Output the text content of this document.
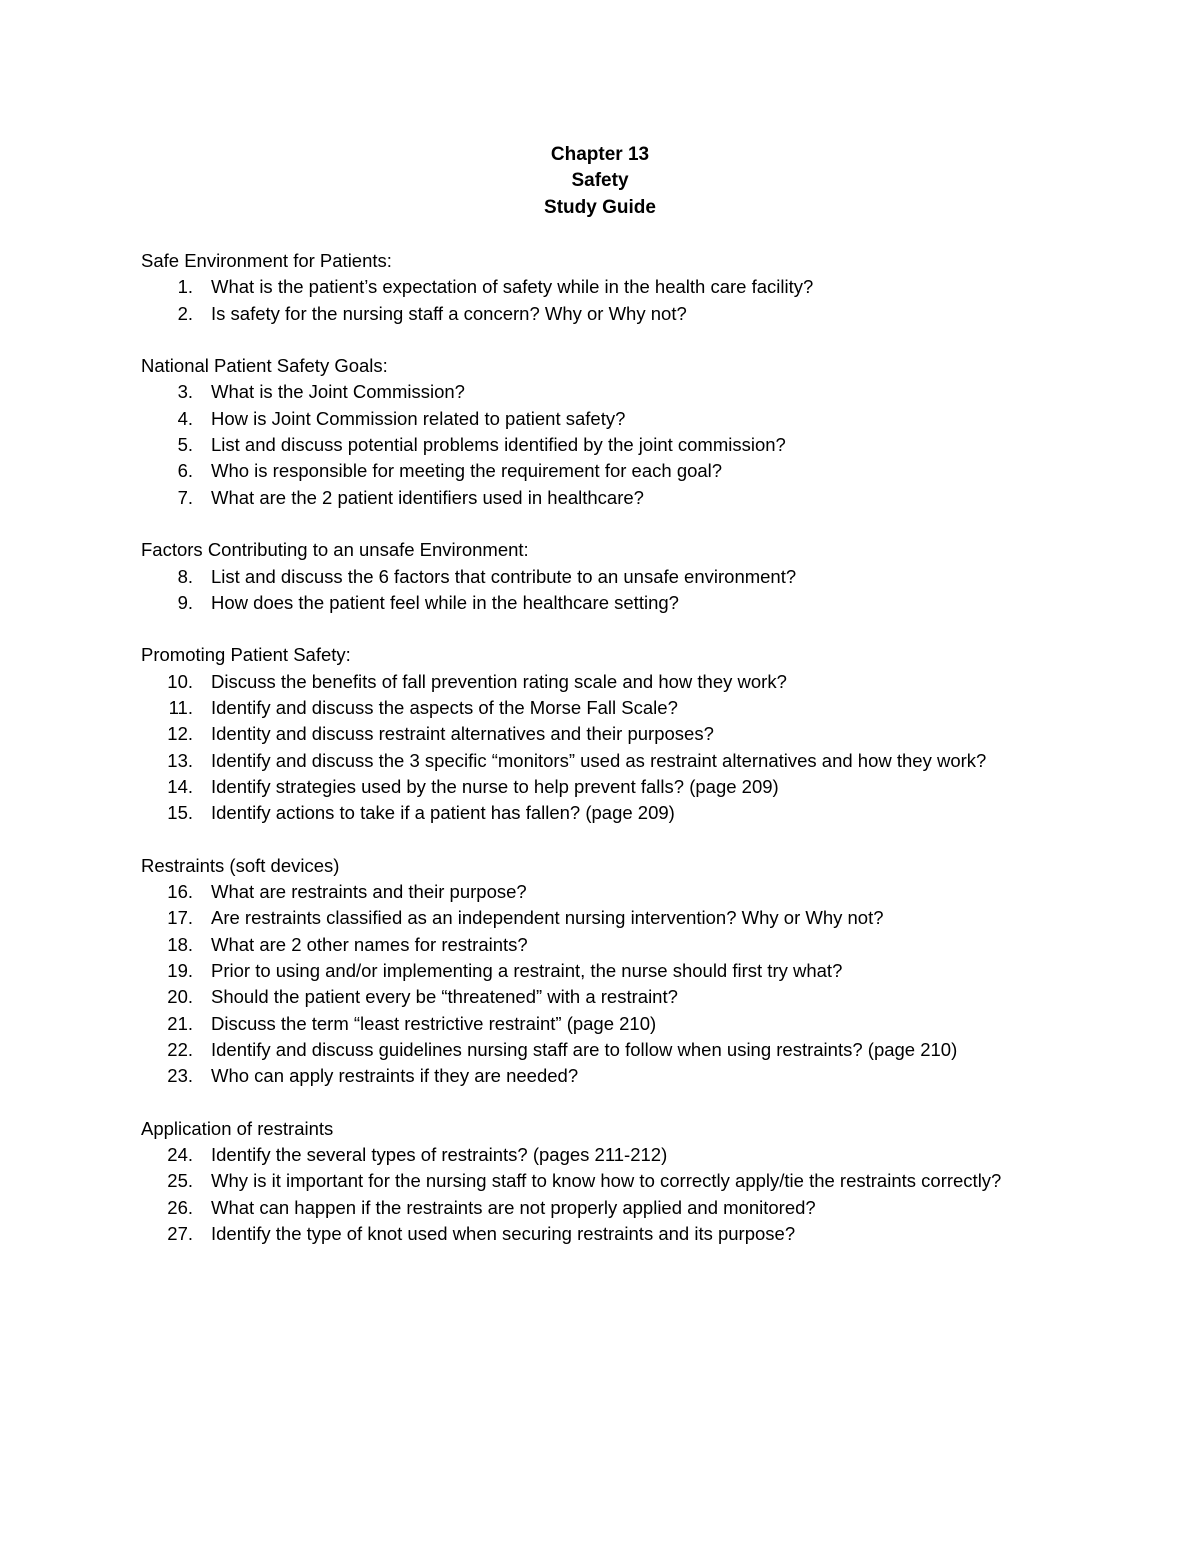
Chapter 13
Safety
Study Guide
Safe Environment for Patients:
1. What is the patient’s expectation of safety while in the health care facility?
2. Is safety for the nursing staff a concern? Why or Why not?
National Patient Safety Goals:
3. What is the Joint Commission?
4. How is Joint Commission related to patient safety?
5. List and discuss potential problems identified by the joint commission?
6. Who is responsible for meeting the requirement for each goal?
7. What are the 2 patient identifiers used in healthcare?
Factors Contributing to an unsafe Environment:
8. List and discuss the 6 factors that contribute to an unsafe environment?
9. How does the patient feel while in the healthcare setting?
Promoting Patient Safety:
10. Discuss the benefits of fall prevention rating scale and how they work?
11. Identify and discuss the aspects of the Morse Fall Scale?
12. Identity and discuss restraint alternatives and their purposes?
13. Identify and discuss the 3 specific “monitors” used as restraint alternatives and how they work?
14. Identify strategies used by the nurse to help prevent falls? (page 209)
15. Identify actions to take if a patient has fallen? (page 209)
Restraints (soft devices)
16. What are restraints and their purpose?
17. Are restraints classified as an independent nursing intervention? Why or Why not?
18. What are 2 other names for restraints?
19. Prior to using and/or implementing a restraint, the nurse should first try what?
20. Should the patient every be “threatened” with a restraint?
21. Discuss the term “least restrictive restraint” (page 210)
22. Identify and discuss guidelines nursing staff are to follow when using restraints? (page 210)
23. Who can apply restraints if they are needed?
Application of restraints
24. Identify the several types of restraints? (pages 211-212)
25. Why is it important for the nursing staff to know how to correctly apply/tie the restraints correctly?
26. What can happen if the restraints are not properly applied and monitored?
27. Identify the type of knot used when securing restraints and its purpose?
